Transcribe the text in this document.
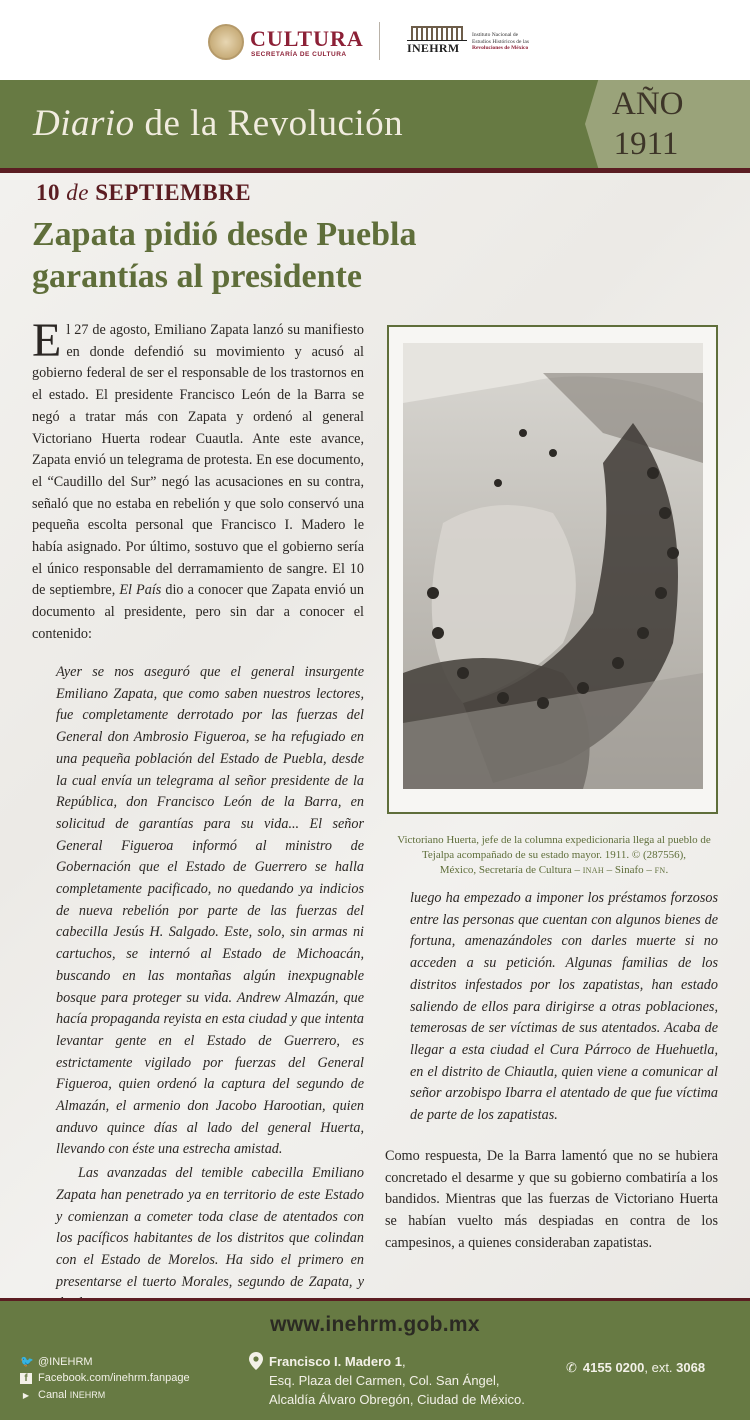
CULTURA
SECRETARÍA DE CULTURA	INEHRM
Instituto Nacional de
Estudios Históricos de las
Revoluciones de México
Diario de la Revolución	AÑO
1911
10 de SEPTIEMBRE
Zapata pidió desde Puebla
garantías al presidente
El 27 de agosto, Emiliano Zapata lanzó su manifiesto en donde defendió su movimiento y acusó al gobierno federal de ser el responsable de los trastornos en el estado. El presidente Francisco León de la Barra se negó a tratar más con Zapata y ordenó al general Victoriano Huerta rodear Cuautla. Ante este avance, Zapata envió un telegrama de protesta. En ese documento, el “Caudillo del Sur” negó las acusaciones en su contra, señaló que no estaba en rebelión y que solo conservó una pequeña escolta personal que Francisco I. Madero le había asignado. Por último, sostuvo que el gobierno sería el único responsable del derramamiento de sangre. El 10 de septiembre, El País dio a conocer que Zapata envió un documento al presidente, pero sin dar a conocer el contenido:

Ayer se nos aseguró que el general insurgente Emiliano Zapata, que como saben nuestros lectores, fue completamente derrotado por las fuerzas del General don Ambrosio Figueroa, se ha refugiado en una pequeña población del Estado de Puebla, desde la cual envía un telegrama al señor presidente de la República, don Francisco León de la Barra, en solicitud de garantías para su vida... El señor General Figueroa informó al ministro de Gobernación que el Estado de Guerrero se halla completamente pacificado, no quedando ya indicios de nueva rebelión por parte de las fuerzas del cabecilla Jesús H. Salgado. Este, solo, sin armas ni cartuchos, se internó al Estado de Michoacán, buscando en las montañas algún inexpugnable bosque para proteger su vida. Andrew Almazán, que hacía propaganda reyista en esta ciudad y que intenta levantar gente en el Estado de Guerrero, es estrictamente vigilado por fuerzas del General Figueroa, quien ordenó la captura del segundo de Almazán, el armenio don Jacobo Harootian, quien anduvo quince días al lado del general Huerta, llevando con éste una estrecha amistad.

Las avanzadas del temible cabecilla Emiliano Zapata han penetrado ya en territorio de este Estado y comienzan a cometer toda clase de atentados con los pacíficos habitantes de los distritos que colindan con el Estado de Morelos. Ha sido el primero en presentarse el tuerto Morales, segundo de Zapata, y

Victoriano Huerta, jefe de la columna expedicionaria llega al pueblo de Tejalpa acompañado de su estado mayor. 1911. © (287556),
México, Secretaría de Cultura – INAH – Sinafo – FN.
luego ha empezado a imponer los préstamos forzosos entre las personas que cuentan con algunos bienes de fortuna, amenazándoles con darles muerte si no acceden a su petición. Algunas familias de los distritos infestados por los zapatistas, han estado saliendo de ellos para dirigirse a otras poblaciones, temerosas de ser víctimas de sus atentados. Acaba de llegar a esta ciudad el Cura Párroco de Huehuetla, en el distrito de Chiautla, quien viene a comunicar al señor arzobispo Ibarra el atentado de que fue víctima de parte de los zapatistas.
Como respuesta, De la Barra lamentó que no se hubiera concretado el desarme y que su gobierno combatiría a los bandidos. Mientras que las fuerzas de Victoriano Huerta se habían vuelto más despiadas en contra de los campesinos, a quienes consideraban zapatistas.
www.inehrm.gob.mx
🐦 @INEHRM
f Facebook.com/inehrm.fanpage
▶ Canal INEHRM
Francisco I. Madero 1,
Esq. Plaza del Carmen, Col. San Ángel,
Alcaldía Álvaro Obregón, Ciudad de México.
✆ 4155 0200, ext. 3068
